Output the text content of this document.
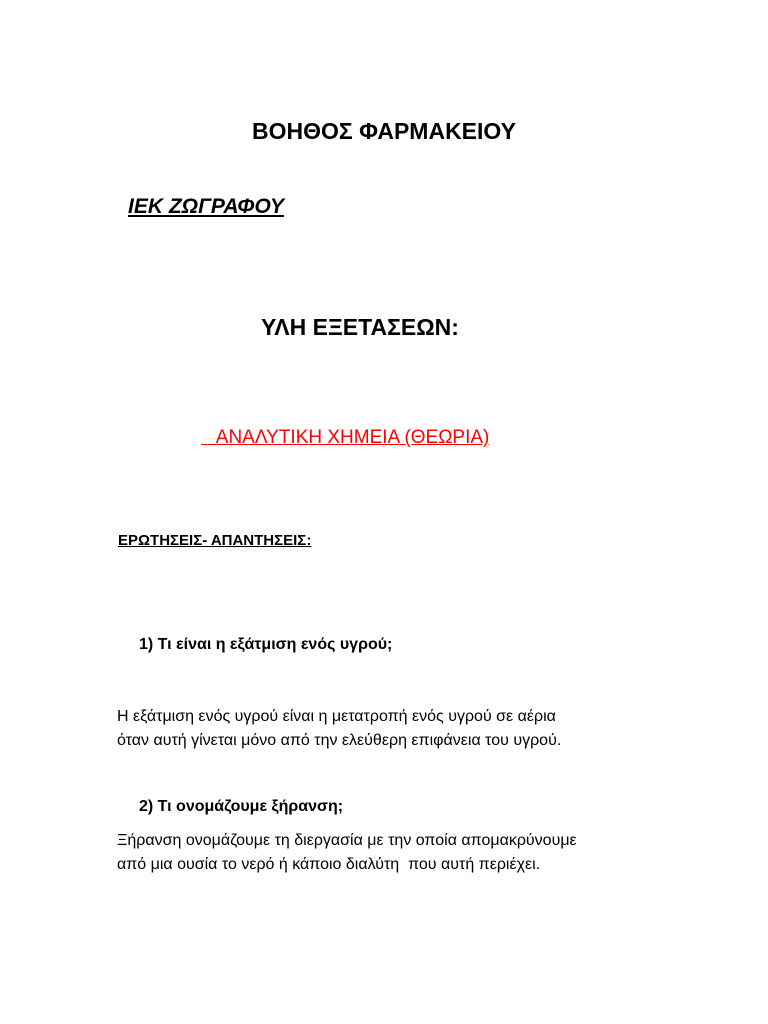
ΒΟΗΘΟΣ ΦΑΡΜΑΚΕΙΟΥ
ΙΕΚ ΖΩΓΡΑΦΟΥ
ΥΛΗ ΕΞΕΤΑΣΕΩΝ:
ΑΝΑΛΥΤΙΚΗ ΧΗΜΕΙΑ (ΘΕΩΡΙΑ)
ΕΡΩΤΗΣΕΙΣ- ΑΠΑΝΤΗΣΕΙΣ:
1) Τι είναι η εξάτμιση ενός υγρού;
Η εξάτμιση ενός υγρού είναι η μετατροπή ενός υγρού σε αέρια
όταν αυτή γίνεται μόνο από την ελεύθερη επιφάνεια του υγρού.
2) Τι ονομάζουμε ξήρανση;
Ξήρανση ονομάζουμε τη διεργασία με την οποία απομακρύνουμε
από μια ουσία το νερό ή κάποιο διαλύτη  που αυτή περιέχει.
